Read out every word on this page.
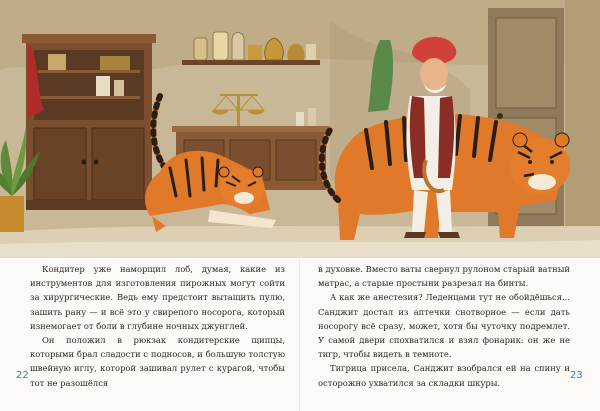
Кондитер уже наморщил лоб, думая, какие из инструментов для изготовления пирожных могут сойти за хирургические. Ведь ему предстоит вытащить пулю, зашить рану — и всё это у свирепого носорога, который изнемогает от боли в глубине ночных джунглей.

Он положил в рюкзак кондитерские щипцы, которыми брал сладости с подносов, и большую толстую швейную иглу, которой зашивал рулет с курагой, чтобы тот не разошёлся

в духовке. Вместо ваты свернул рулоном старый ватный матрас, а старые простыни разрезал на бинты.

А как же анестезия? Леденцами тут не обойдёшься... Санджит достал из аптечки снотворное — если дать носорогу всё сразу, может, хотя бы чуточку подремлет. У самой двери спохватился и взял фонарик: он же не тигр, чтобы видеть в темноте.

Тигрица присела, Санджит взобрался ей на спину и осторожно ухватился за складки шкуры.

22	23
